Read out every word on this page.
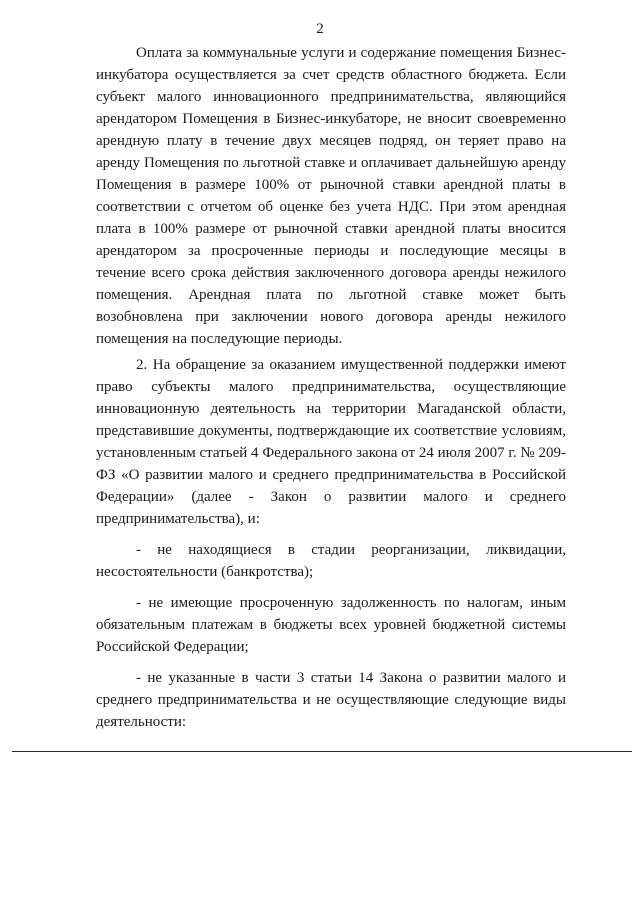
2

Оплата за коммунальные услуги и содержание помещения Бизнес-инкубатора осуществляется за счет средств областного бюджета. Если субъект малого инновационного предпринимательства, являющийся арендатором Помещения в Бизнес-инкубаторе, не вносит своевременно арендную плату в течение двух месяцев подряд, он теряет право на аренду Помещения по льготной ставке и оплачивает дальнейшую аренду Помещения в размере 100% от рыночной ставки арендной платы в соответствии с отчетом об оценке без учета НДС. При этом арендная плата в 100% размере от рыночной ставки арендной платы вносится арендатором за просроченные периоды и последующие месяцы в течение всего срока действия заключенного договора аренды нежилого помещения. Арендная плата по льготной ставке может быть возобновлена при заключении нового договора аренды нежилого помещения на последующие периоды.

2. На обращение за оказанием имущественной поддержки имеют право субъекты малого предпринимательства, осуществляющие инновационную деятельность на территории Магаданской области, представившие документы, подтверждающие их соответствие условиям, установленным статьей 4 Федерального закона от 24 июля 2007 г. № 209-ФЗ «О развитии малого и среднего предпринимательства в Российской Федерации» (далее - Закон о развитии малого и среднего предпринимательства), и:

- не находящиеся в стадии реорганизации, ликвидации, несостоятельности (банкротства);

- не имеющие просроченную задолженность по налогам, иным обязательным платежам в бюджеты всех уровней бюджетной системы Российской Федерации;

- не указанные в части 3 статьи 14 Закона о развитии малого и среднего предпринимательства и не осуществляющие следующие виды деятельности:
